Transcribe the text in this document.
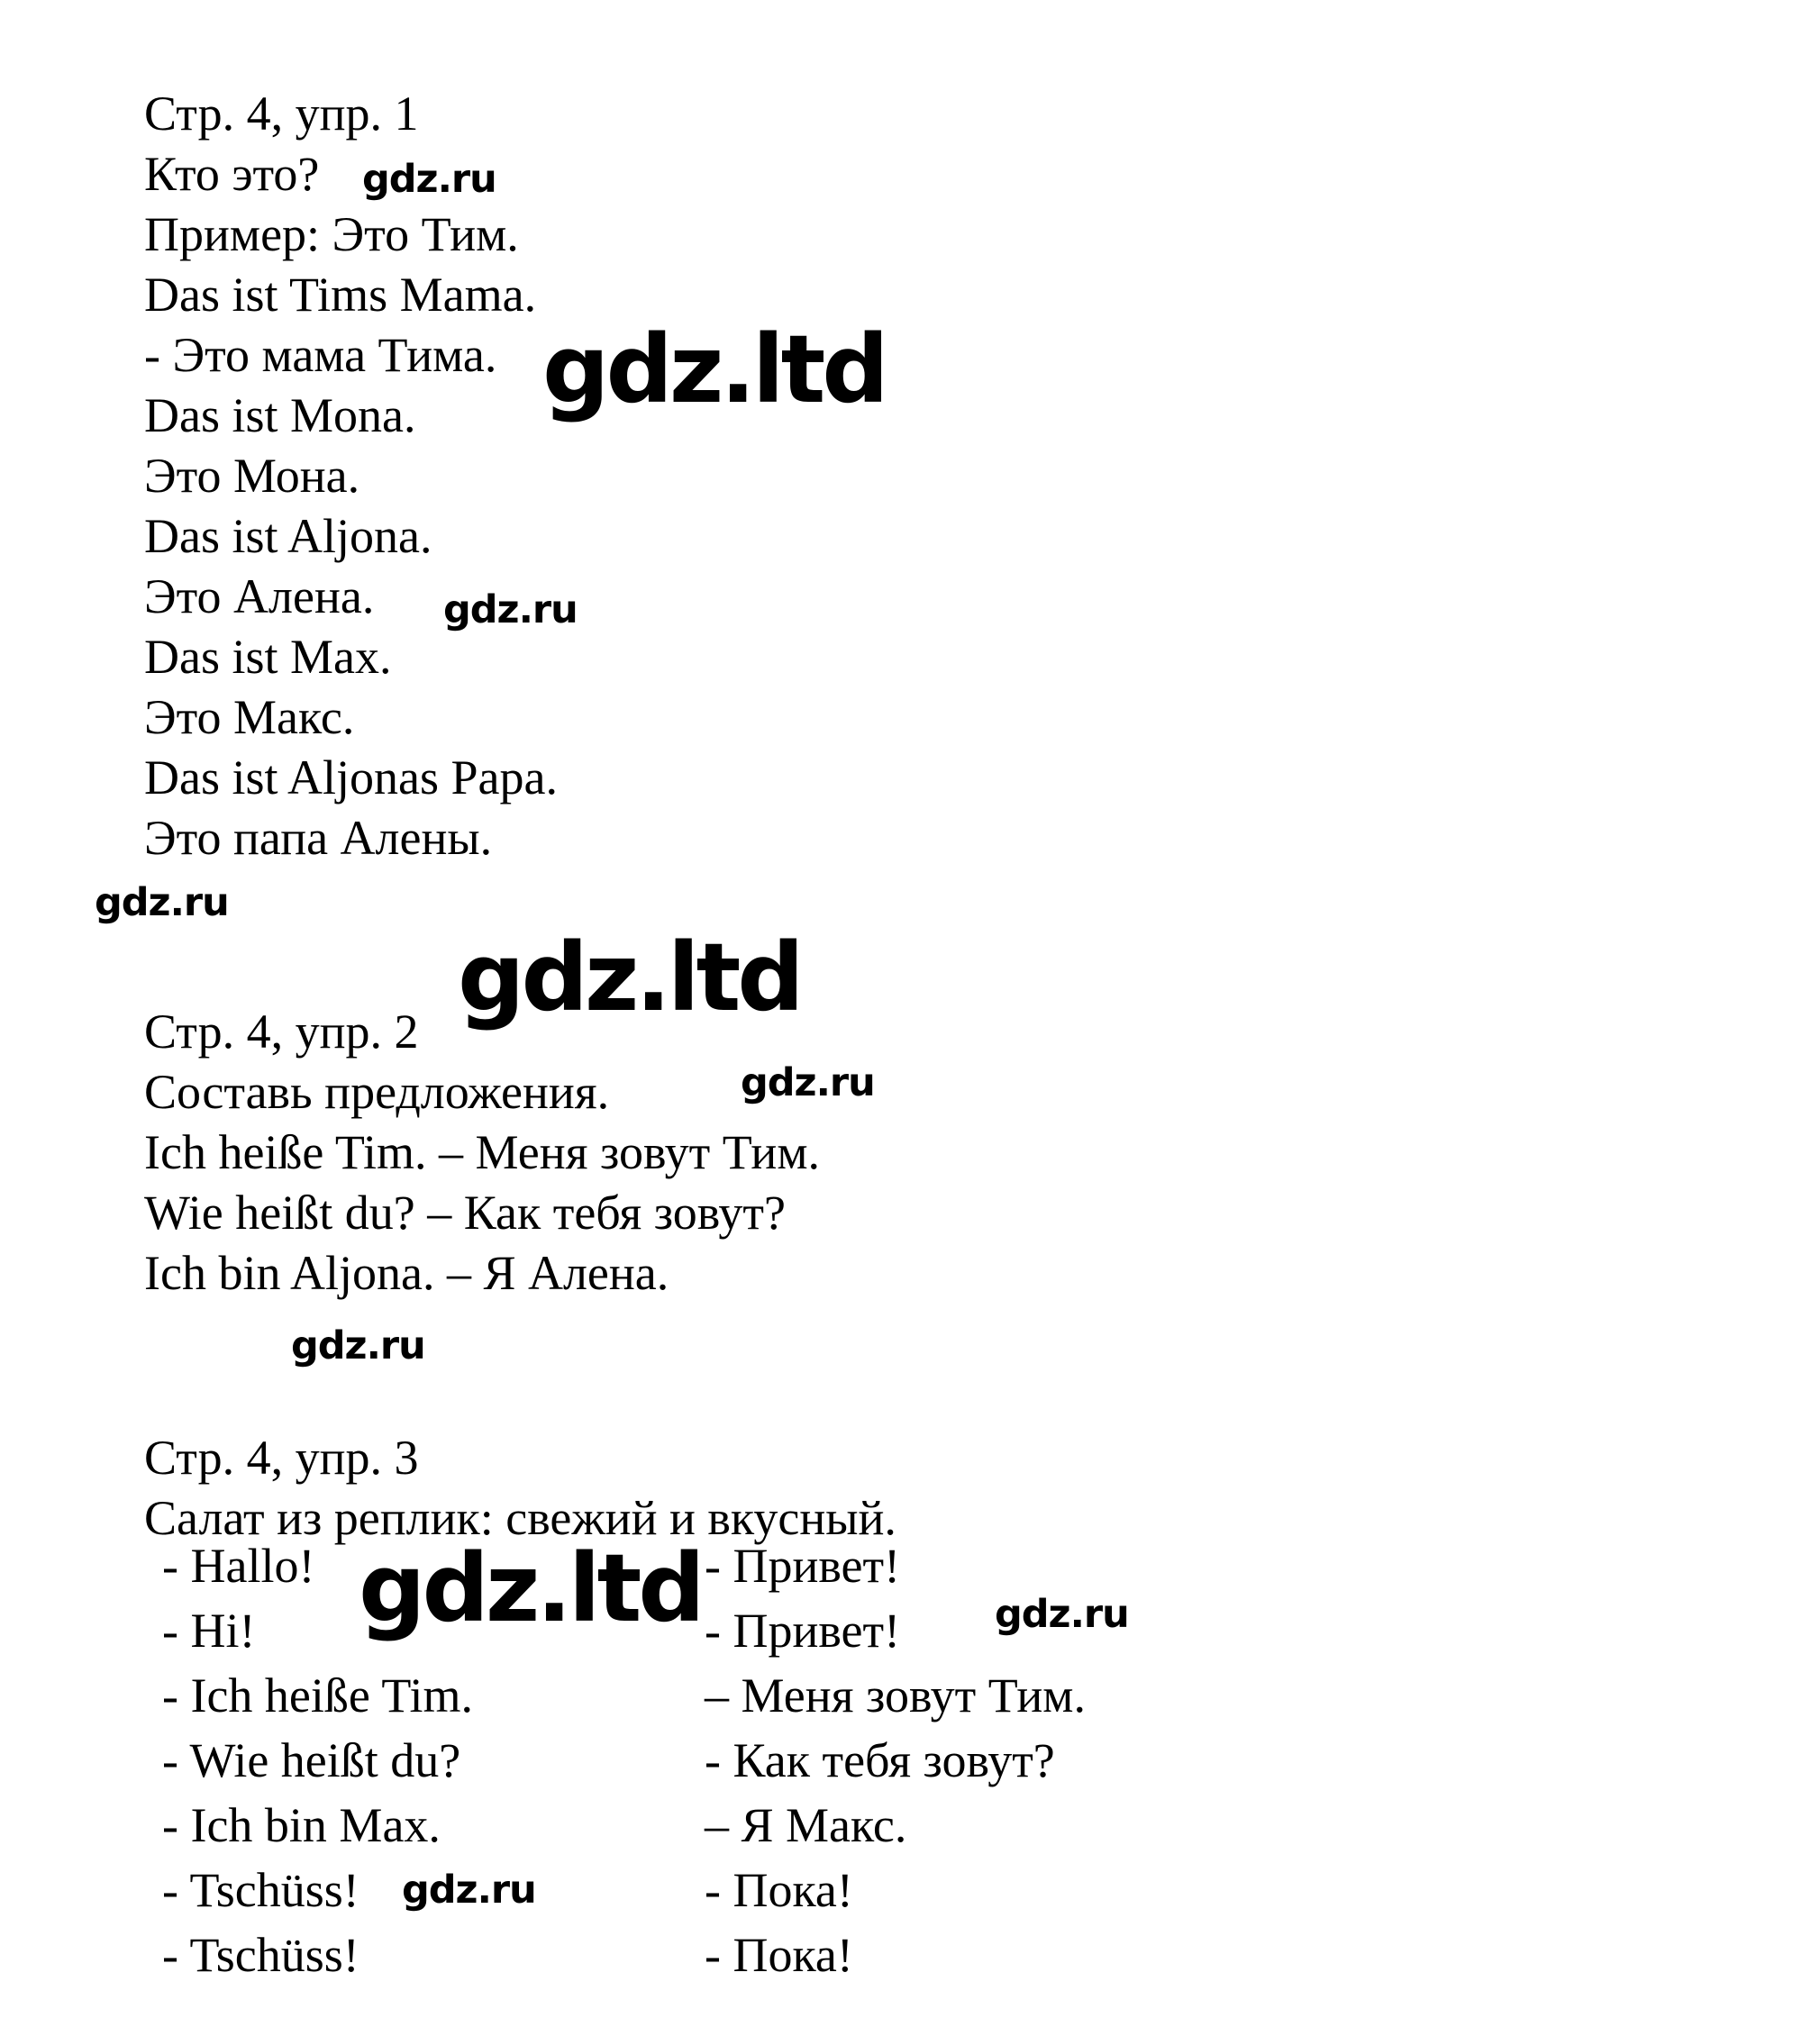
Стр. 4, упр. 1
Кто это?
Пример: Это Тим.
Das ist Tims Mama.
- Это мама Тима.
Das ist Mona.
Это Мона.
Das ist Aljona.
Это Алена.
Das ist Max.
Это Макс.
Das ist Aljonas Papa.
Это папа Алены.
Стр. 4, упр. 2
Составь предложения.
Ich heiße Tim. – Меня зовут Тим.
Wie heißt du? – Как тебя зовут?
Ich bin Aljona. – Я Алена.
Стр. 4, упр. 3
Салат из реплик: свежий и вкусный.
- Hallo!
- Hi!
- Ich heiße Tim.
- Wie heißt du?
- Ich bin Max.
- Tschüss!
- Tschüss!
- Привет!
- Привет!
– Меня зовут Тим.
- Как тебя зовут?
– Я Макс.
- Пока!
- Пока!
gdz.ru
gdz.ltd
gdz.ru
gdz.ru
gdz.ltd
gdz.ru
gdz.ru
gdz.ltd	gdz.ru
gdz.ru
